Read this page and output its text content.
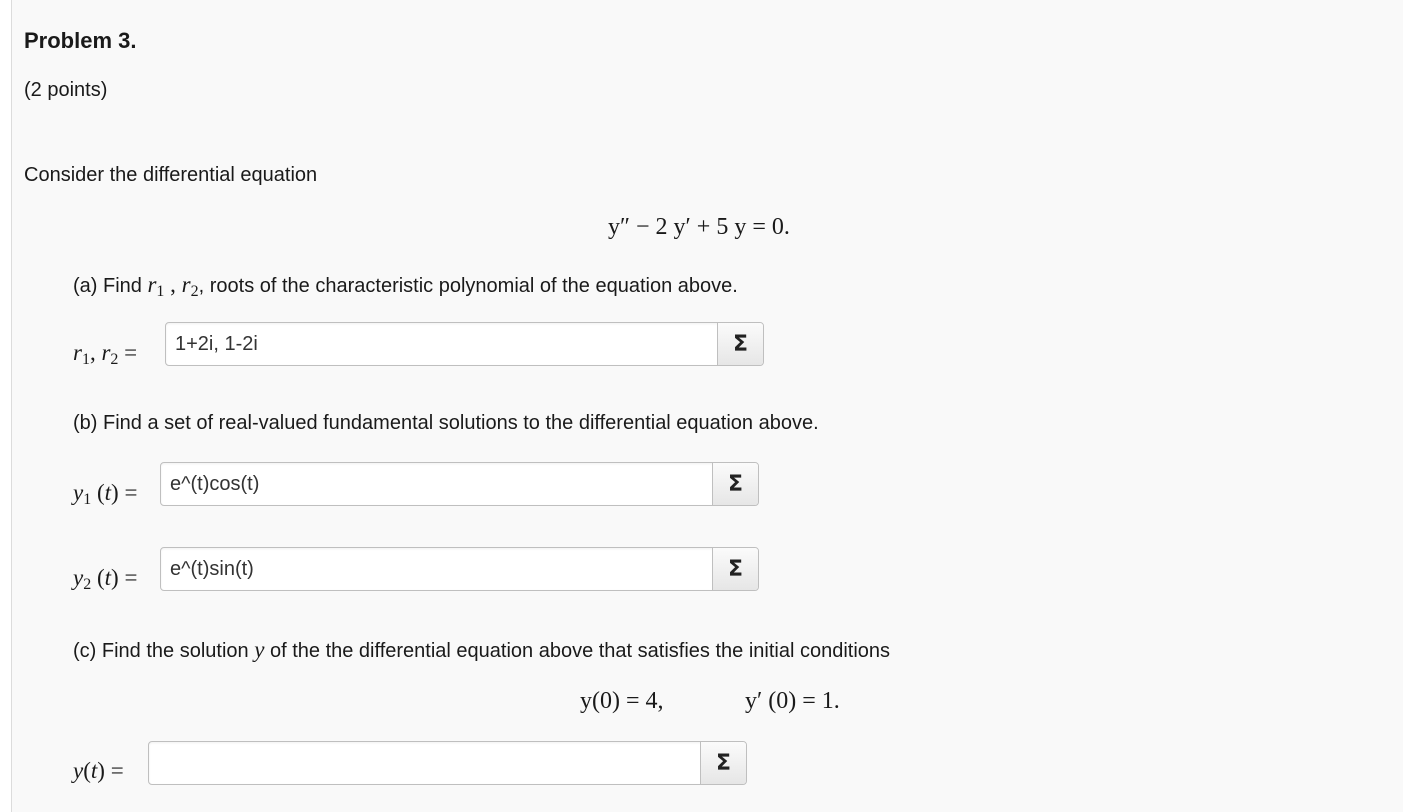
Problem 3.
(2 points)
Consider the differential equation
y″ − 2 y′ + 5 y = 0.
(a) Find $r_1$ , $r_2$, roots of the characteristic polynomial of the equation above.
$r_1$, $r_2$ =
1+2i, 1-2i	Σ
(b) Find a set of real-valued fundamental solutions to the differential equation above.
$y_1$ (t) =
e^(t)cos(t)	Σ
$y_2$ (t) =
e^(t)sin(t)	Σ
(c) Find the solution y of the the differential equation above that satisfies the initial conditions
y(0) = 4,	y′ (0) = 1.
y(t) =	Σ
